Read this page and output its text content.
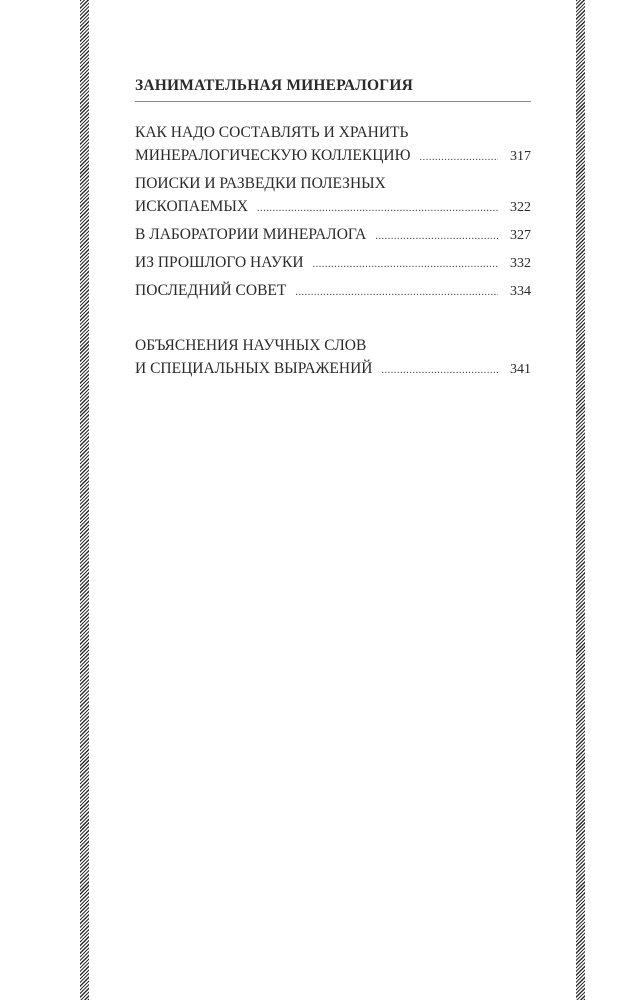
ЗАНИМАТЕЛЬНАЯ МИНЕРАЛОГИЯ
КАК НАДО СОСТАВЛЯТЬ И ХРАНИТЬ
МИНЕРАЛОГИЧЕСКУЮ КОЛЛЕКЦИЮ .....	317
ПОИСКИ И РАЗВЕДКИ ПОЛЕЗНЫХ
ИСКОПАЕМЫХ .....	322
В ЛАБОРАТОРИИ МИНЕРАЛОГА .....	327
ИЗ ПРОШЛОГО НАУКИ .....	332
ПОСЛЕДНИЙ СОВЕТ .....	334
ОБЪЯСНЕНИЯ НАУЧНЫХ СЛОВ
И СПЕЦИАЛЬНЫХ ВЫРАЖЕНИЙ .....	341
